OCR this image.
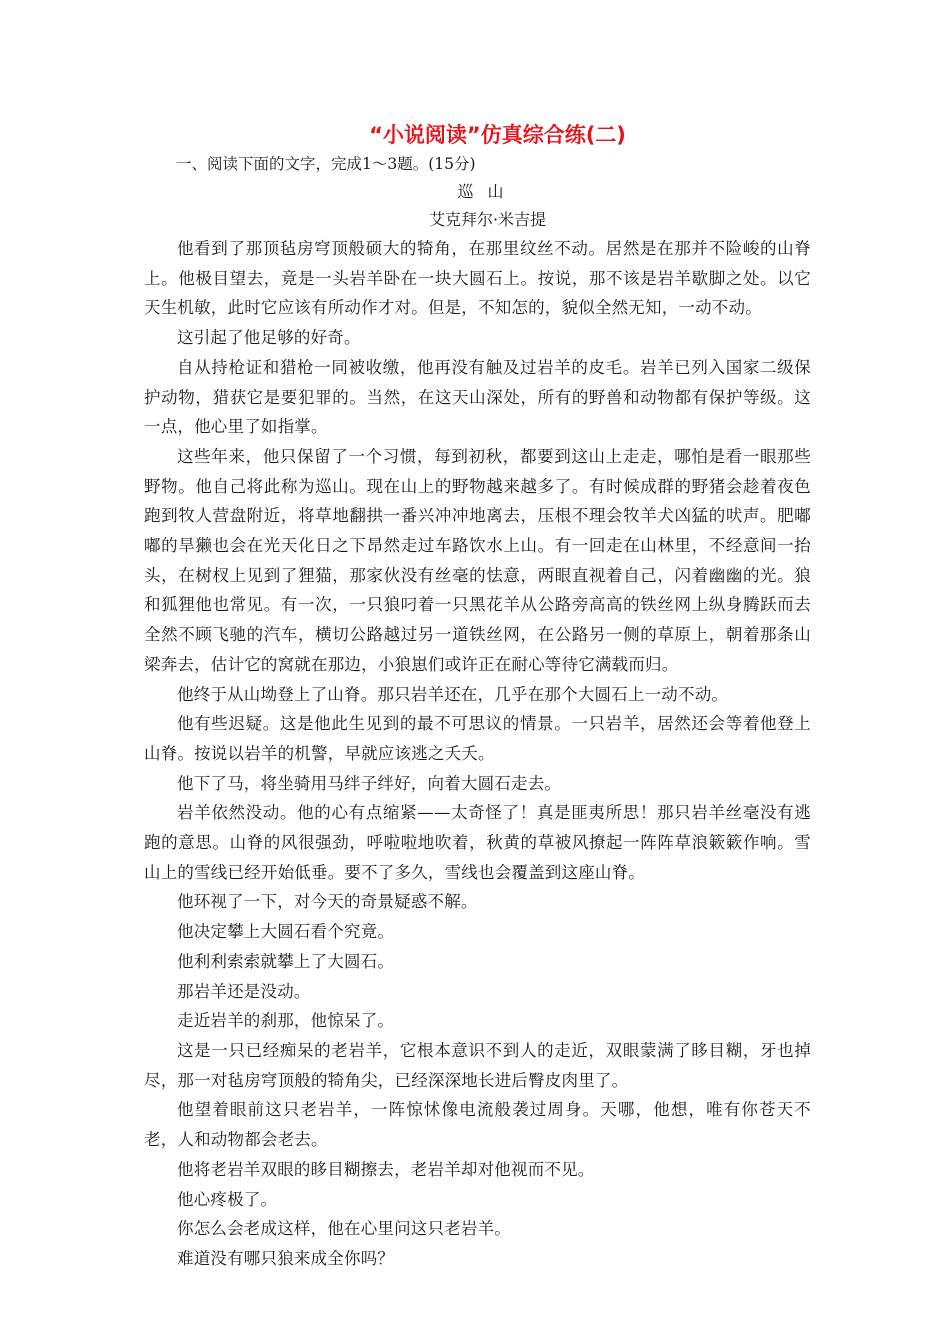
“小说阅读”仿真综合练(二)

一、阅读下面的文字，完成1～3题。(15分)

巡山

艾克拜尔·米吉提

他看到了那顶毡房穹顶般硕大的犄角，在那里纹丝不动。居然是在那并不险峻的山脊上。他极目望去，竟是一头岩羊卧在一块大圆石上。按说，那不该是岩羊歇脚之处。以它天生机敏，此时它应该有所动作才对。但是，不知怎的，貌似全然无知，一动不动。

这引起了他足够的好奇。

自从持枪证和猎枪一同被收缴，他再没有触及过岩羊的皮毛。岩羊已列入国家二级保护动物，猎获它是要犯罪的。当然，在这天山深处，所有的野兽和动物都有保护等级。这一点，他心里了如指掌。

这些年来，他只保留了一个习惯，每到初秋，都要到这山上走走，哪怕是看一眼那些野物。他自己将此称为巡山。现在山上的野物越来越多了。有时候成群的野猪会趁着夜色跑到牧人营盘附近，将草地翻拱一番兴冲冲地离去，压根不理会牧羊犬凶猛的吠声。肥嘟嘟的旱獭也会在光天化日之下昂然走过车路饮水上山。有一回走在山林里，不经意间一抬头，在树杈上见到了狸猫，那家伙没有丝毫的怯意，两眼直视着自己，闪着幽幽的光。狼和狐狸他也常见。有一次，一只狼叼着一只黑花羊从公路旁高高的铁丝网上纵身腾跃而去全然不顾飞驰的汽车，横切公路越过另一道铁丝网，在公路另一侧的草原上，朝着那条山梁奔去，估计它的窝就在那边，小狼崽们或许正在耐心等待它满载而归。

他终于从山坳登上了山脊。那只岩羊还在，几乎在那个大圆石上一动不动。

他有些迟疑。这是他此生见到的最不可思议的情景。一只岩羊，居然还会等着他登上山脊。按说以岩羊的机警，早就应该逃之夭夭。

他下了马，将坐骑用马绊子绊好，向着大圆石走去。

岩羊依然没动。他的心有点缩紧——太奇怪了！真是匪夷所思！那只岩羊丝毫没有逃跑的意思。山脊的风很强劲，呼啦啦地吹着，秋黄的草被风撩起一阵阵草浪簌簌作响。雪山上的雪线已经开始低垂。要不了多久，雪线也会覆盖到这座山脊。

他环视了一下，对今天的奇景疑惑不解。

他决定攀上大圆石看个究竟。

他利利索索就攀上了大圆石。

那岩羊还是没动。

走近岩羊的刹那，他惊呆了。

这是一只已经痴呆的老岩羊，它根本意识不到人的走近，双眼蒙满了眵目糊，牙也掉尽，那一对毡房穹顶般的犄角尖，已经深深地长进后臀皮肉里了。

他望着眼前这只老岩羊，一阵惊怵像电流般袭过周身。天哪，他想，唯有你苍天不老，人和动物都会老去。

他将老岩羊双眼的眵目糊擦去，老岩羊却对他视而不见。

他心疼极了。

你怎么会老成这样，他在心里问这只老岩羊。

难道没有哪只狼来成全你吗？
